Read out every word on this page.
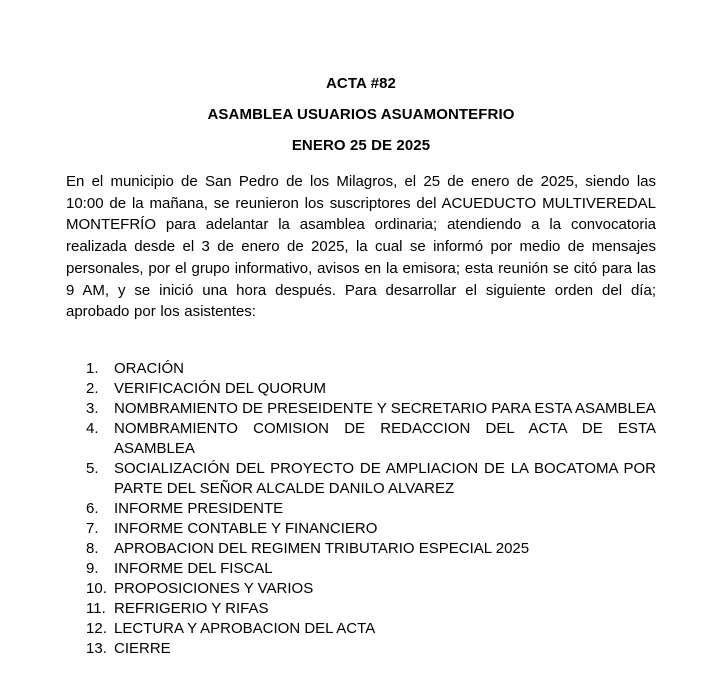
ACTA #82
ASAMBLEA USUARIOS ASUAMONTEFRIO
ENERO 25 DE 2025

En el municipio de San Pedro de los Milagros, el 25 de enero de 2025, siendo las 10:00 de la mañana, se reunieron los suscriptores del ACUEDUCTO MULTIVEREDAL MONTEFRÍO para adelantar la asamblea ordinaria; atendiendo a la convocatoria realizada desde el 3 de enero de 2025, la cual se informó por medio de mensajes personales, por el grupo informativo, avisos en la emisora; esta reunión se citó para las 9 AM, y se inició una hora después. Para desarrollar el siguiente orden del día; aprobado por los asistentes:

ORACIÓN
VERIFICACIÓN DEL QUORUM
NOMBRAMIENTO DE PRESEIDENTE Y SECRETARIO PARA ESTA ASAMBLEA
NOMBRAMIENTO COMISION DE REDACCION DEL ACTA DE ESTA ASAMBLEA
SOCIALIZACIÓN DEL PROYECTO DE AMPLIACION DE LA BOCATOMA POR PARTE DEL SEÑOR ALCALDE DANILO ALVAREZ
INFORME PRESIDENTE
INFORME CONTABLE Y FINANCIERO
APROBACION DEL REGIMEN TRIBUTARIO ESPECIAL 2025
INFORME DEL FISCAL
PROPOSICIONES Y VARIOS
REFRIGERIO Y RIFAS
LECTURA Y APROBACION DEL ACTA
CIERRE
